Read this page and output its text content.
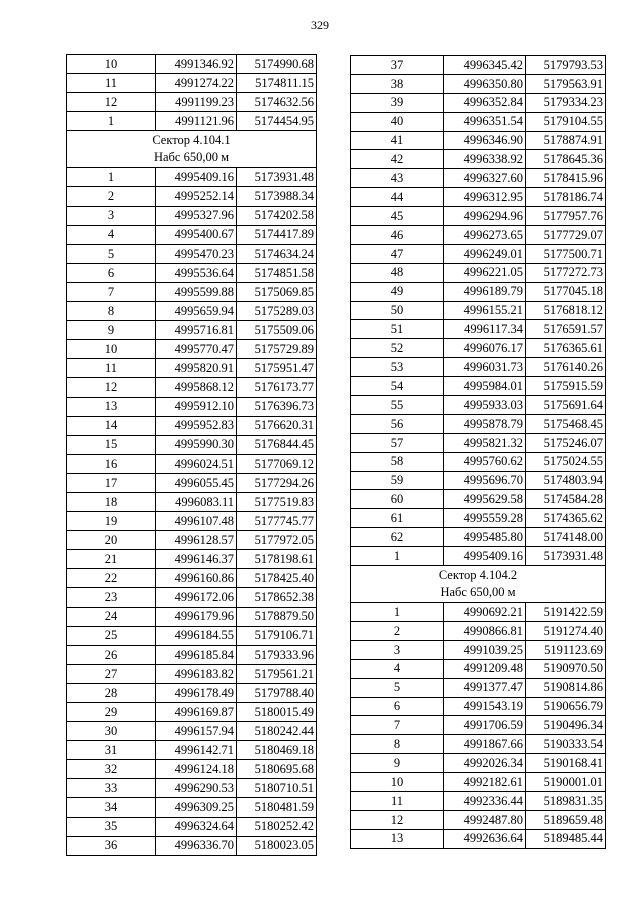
329
10	4991346.92	5174990.68
11	4991274.22	5174811.15
12	4991199.23	5174632.56
1	4991121.96	5174454.95

Сектор 4.104.1
Набс 650,00 м		

1	4995409.16	5173931.48
2	4995252.14	5173988.34
3	4995327.96	5174202.58
4	4995400.67	5174417.89
5	4995470.23	5174634.24
6	4995536.64	5174851.58
7	4995599.88	5175069.85
8	4995659.94	5175289.03
9	4995716.81	5175509.06
10	4995770.47	5175729.89
11	4995820.91	5175951.47
12	4995868.12	5176173.77
13	4995912.10	5176396.73
14	4995952.83	5176620.31
15	4995990.30	5176844.45
16	4996024.51	5177069.12
17	4996055.45	5177294.26
18	4996083.11	5177519.83
19	4996107.48	5177745.77
20	4996128.57	5177972.05
21	4996146.37	5178198.61
22	4996160.86	5178425.40
23	4996172.06	5178652.38
24	4996179.96	5178879.50
25	4996184.55	5179106.71
26	4996185.84	5179333.96
27	4996183.82	5179561.21
28	4996178.49	5179788.40
29	4996169.87	5180015.49
30	4996157.94	5180242.44
31	4996142.71	5180469.18
32	4996124.18	5180695.68
33	4996290.53	5180710.51
34	4996309.25	5180481.59
35	4996324.64	5180252.42
36	4996336.70	5180023.05
37	4996345.42	5179793.53
38	4996350.80	5179563.91
39	4996352.84	5179334.23
40	4996351.54	5179104.55
41	4996346.90	5178874.91
42	4996338.92	5178645.36
43	4996327.60	5178415.96
44	4996312.95	5178186.74
45	4996294.96	5177957.76
46	4996273.65	5177729.07
47	4996249.01	5177500.71
48	4996221.05	5177272.73
49	4996189.79	5177045.18
50	4996155.21	5176818.12
51	4996117.34	5176591.57
52	4996076.17	5176365.61
53	4996031.73	5176140.26
54	4995984.01	5175915.59
55	4995933.03	5175691.64
56	4995878.79	5175468.45
57	4995821.32	5175246.07
58	4995760.62	5175024.55
59	4995696.70	5174803.94
60	4995629.58	5174584.28
61	4995559.28	5174365.62
62	4995485.80	5174148.00
1	4995409.16	5173931.48

Сектор 4.104.2
Набс 650,00 м		

1	4990692.21	5191422.59
2	4990866.81	5191274.40
3	4991039.25	5191123.69
4	4991209.48	5190970.50
5	4991377.47	5190814.86
6	4991543.19	5190656.79
7	4991706.59	5190496.34
8	4991867.66	5190333.54
9	4992026.34	5190168.41
10	4992182.61	5190001.01
11	4992336.44	5189831.35
12	4992487.80	5189659.48
13	4992636.64	5189485.44
